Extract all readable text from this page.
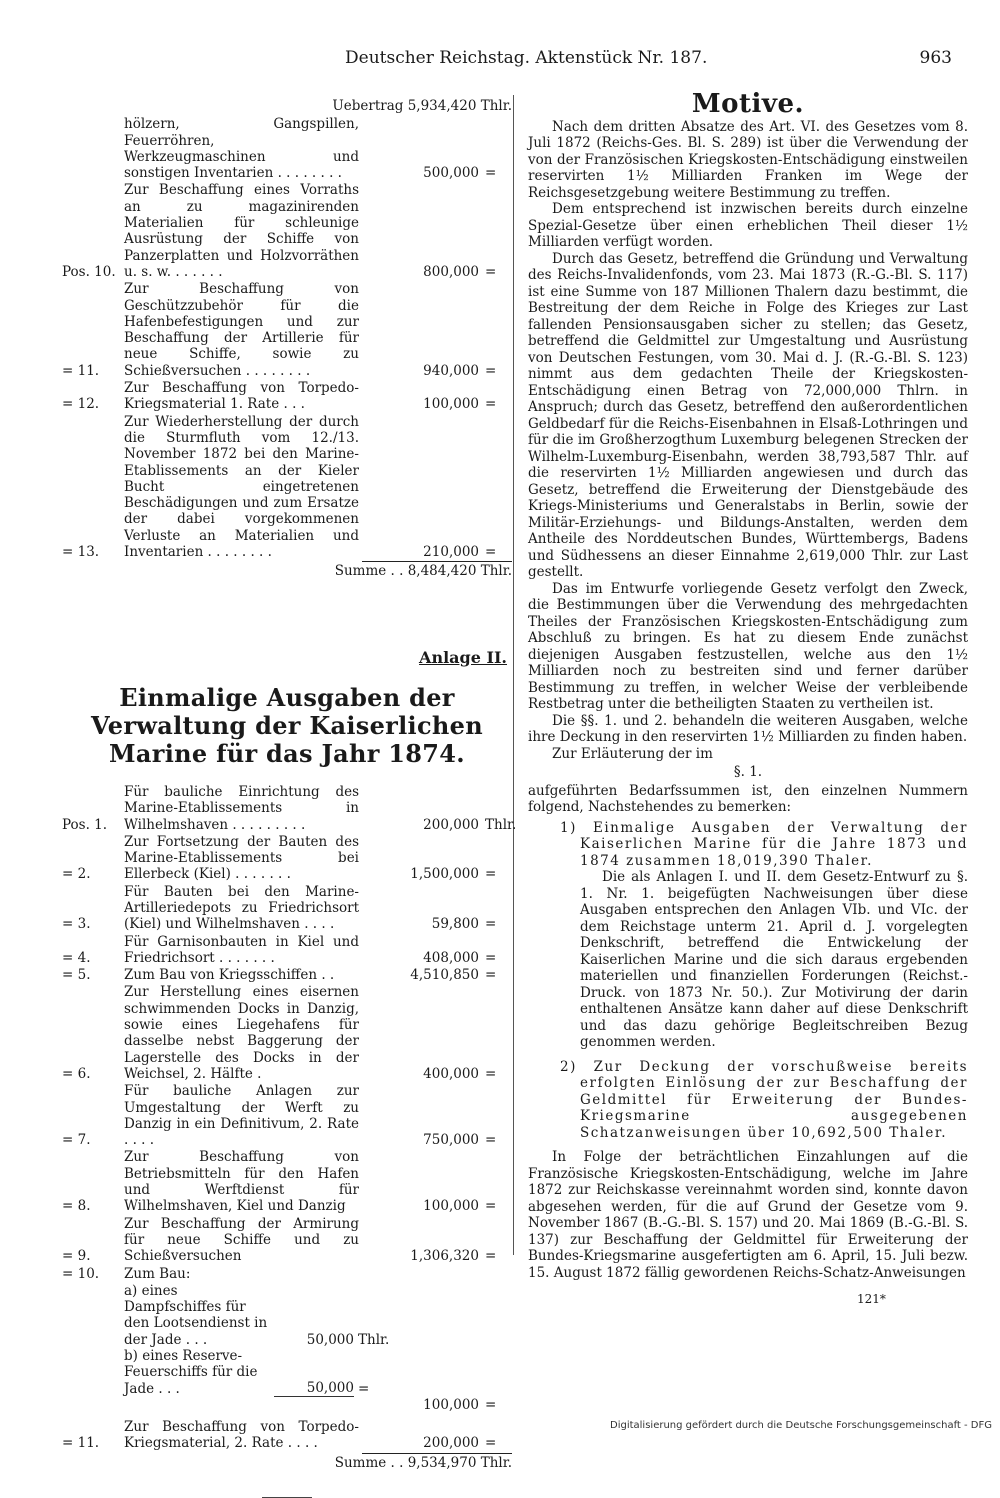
Deutscher Reichstag. Aktenstück Nr. 187.	963
Uebertrag 5,934,420 Thlr.
hölzern, Gangspillen, Feuerröhren, Werkzeugmaschinen und sonstigen Inventarien . . . . . . . .	500,000 =
Pos. 10.
Zur Beschaffung eines Vorraths an zu magazinirenden Materialien für schleunige Ausrüstung der Schiffe von Panzerplatten und Holzvorräthen u. s. w. . . . . . .	800,000 =
= 11.
Zur Beschaffung von Geschützzubehör für die Hafenbefestigungen und zur Beschaffung der Artillerie für neue Schiffe, sowie zu Schießversuchen . . . . . . . .	940,000 =
= 12.
Zur Beschaffung von Torpedo-Kriegsmaterial 1. Rate . . .	100,000 =
= 13.
Zur Wiederherstellung der durch die Sturmfluth vom 12./13. November 1872 bei den Marine-Etablissements an der Kieler Bucht eingetretenen Beschädigungen und zum Ersatze der dabei vorgekommenen Verluste an Materialien und Inventarien . . . . . . . .	210,000 =
Summe . . 8,484,420 Thlr.
Anlage II.
Einmalige Ausgaben der Verwaltung der Kaiserlichen Marine für das Jahr 1874.
Pos. 1.
Für bauliche Einrichtung des Marine-Etablissements in Wilhelmshaven . . . . . . . . .	200,000 Thlr.
= 2.
Zur Fortsetzung der Bauten des Marine-Etablissements bei Ellerbeck (Kiel) . . . . . . .	1,500,000 =
= 3.
Für Bauten bei den Marine-Artilleriedepots zu Friedrichsort (Kiel) und Wilhelmshaven . . . .	59,800 =
= 4.
Für Garnisonbauten in Kiel und Friedrichsort . . . . . . .	408,000 =
= 5.	Zum Bau von Kriegsschiffen . .	4,510,850 =
= 6.
Zur Herstellung eines eisernen schwimmenden Docks in Danzig, sowie eines Liegehafens für dasselbe nebst Baggerung der Lagerstelle des Docks in der Weichsel, 2. Hälfte .	400,000 =
= 7.
Für bauliche Anlagen zur Umgestaltung der Werft zu Danzig in ein Definitivum, 2. Rate . . . .	750,000 =
= 8.
Zur Beschaffung von Betriebsmitteln für den Hafen und Werftdienst für Wilhelmshaven, Kiel und Danzig	100,000 =
= 9.
Zur Beschaffung der Armirung für neue Schiffe und zu Schießversuchen	1,306,320 =
= 10.	Zum Bau:
a) eines Dampfschiffes für den Lootsendienst in der Jade . . .	50,000 Thlr.
b) eines Reserve-Feuerschiffs für die Jade . . .	50,000 =
100,000 =
= 11.
Zur Beschaffung von Torpedo-Kriegsmaterial, 2. Rate . . . .	200,000 =
Summe . . 9,534,970 Thlr.
Motive.

Nach dem dritten Absatze des Art. VI. des Gesetzes vom 8. Juli 1872 (Reichs-Ges. Bl. S. 289) ist über die Verwendung der von der Französischen Kriegskosten-Entschädigung einstweilen reservirten 1½ Milliarden Franken im Wege der Reichsgesetzgebung weitere Bestimmung zu treffen.

Dem entsprechend ist inzwischen bereits durch einzelne Spezial-Gesetze über einen erheblichen Theil dieser 1½ Milliarden verfügt worden.

Durch das Gesetz, betreffend die Gründung und Verwaltung des Reichs-Invalidenfonds, vom 23. Mai 1873 (R.-G.-Bl. S. 117) ist eine Summe von 187 Millionen Thalern dazu bestimmt, die Bestreitung der dem Reiche in Folge des Krieges zur Last fallenden Pensionsausgaben sicher zu stellen; das Gesetz, betreffend die Geldmittel zur Umgestaltung und Ausrüstung von Deutschen Festungen, vom 30. Mai d. J. (R.-G.-Bl. S. 123) nimmt aus dem gedachten Theile der Kriegskosten-Entschädigung einen Betrag von 72,000,000 Thlrn. in Anspruch; durch das Gesetz, betreffend den außerordentlichen Geldbedarf für die Reichs-Eisenbahnen in Elsaß-Lothringen und für die im Großherzogthum Luxemburg belegenen Strecken der Wilhelm-Luxemburg-Eisenbahn, werden 38,793,587 Thlr. auf die reservirten 1½ Milliarden angewiesen und durch das Gesetz, betreffend die Erweiterung der Dienstgebäude des Kriegs-Ministeriums und Generalstabs in Berlin, sowie der Militär-Erziehungs- und Bildungs-Anstalten, werden dem Antheile des Norddeutschen Bundes, Württembergs, Badens und Südhessens an dieser Einnahme 2,619,000 Thlr. zur Last gestellt.

Das im Entwurfe vorliegende Gesetz verfolgt den Zweck, die Bestimmungen über die Verwendung des mehrgedachten Theiles der Französischen Kriegskosten-Entschädigung zum Abschluß zu bringen. Es hat zu diesem Ende zunächst diejenigen Ausgaben festzustellen, welche aus den 1½ Milliarden noch zu bestreiten sind und ferner darüber Bestimmung zu treffen, in welcher Weise der verbleibende Restbetrag unter die betheiligten Staaten zu vertheilen ist.

Die §§. 1. und 2. behandeln die weiteren Ausgaben, welche ihre Deckung in den reservirten 1½ Milliarden zu finden haben.

Zur Erläuterung der im

§. 1.

aufgeführten Bedarfssummen ist, den einzelnen Nummern folgend, Nachstehendes zu bemerken:

1) Einmalige Ausgaben der Verwaltung der Kaiserlichen Marine für die Jahre 1873 und 1874 zusammen 18,019,390 Thaler.
Die als Anlagen I. und II. dem Gesetz-Entwurf zu §. 1. Nr. 1. beigefügten Nachweisungen über diese Ausgaben entsprechen den Anlagen VIb. und VIc. der dem Reichstage unterm 21. April d. J. vorgelegten Denkschrift, betreffend die Entwickelung der Kaiserlichen Marine und die sich daraus ergebenden materiellen und finanziellen Forderungen (Reichst.-Druck. von 1873 Nr. 50.). Zur Motivirung der darin enthaltenen Ansätze kann daher auf diese Denkschrift und das dazu gehörige Begleitschreiben Bezug genommen werden.
2) Zur Deckung der vorschußweise bereits erfolgten Einlösung der zur Beschaffung der Geldmittel für Erweiterung der Bundes-Kriegsmarine ausgegebenen Schatzanweisungen über 10,692,500 Thaler.

In Folge der beträchtlichen Einzahlungen auf die Französische Kriegskosten-Entschädigung, welche im Jahre 1872 zur Reichskasse vereinnahmt worden sind, konnte davon abgesehen werden, für die auf Grund der Gesetze vom 9. November 1867 (B.-G.-Bl. S. 157) und 20. Mai 1869 (B.-G.-Bl. S. 137) zur Beschaffung der Geldmittel für Erweiterung der Bundes-Kriegsmarine ausgefertigten am 6. April, 15. Juli bezw. 15. August 1872 fällig gewordenen Reichs-Schatz-Anweisungen

121*
Digitalisierung gefördert durch die Deutsche Forschungsgemeinschaft - DFG
